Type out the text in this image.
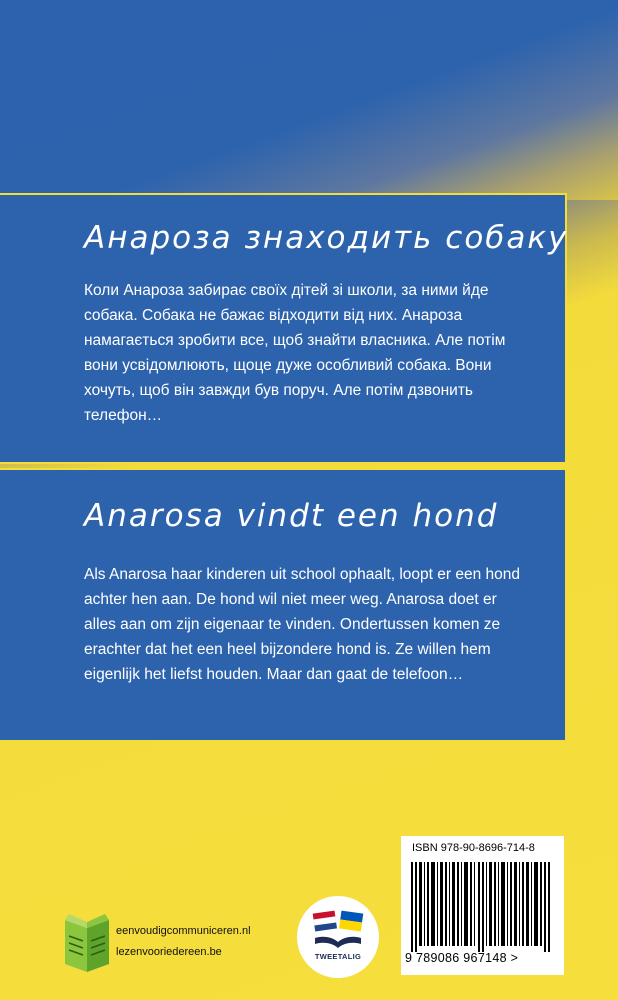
Анароза знаходить собаку

Коли Анароза забирає своїх дітей зі школи, за ними йде собака. Собака не бажає відходити від них. Анароза намагається зробити все, щоб знайти власника. Але потім вони усвідомлюють, щоце дуже особливий собака. Вони хочуть, щоб він завжди був поруч. Але потім дзвонить телефон…

Anarosa vindt een hond

Als Anarosa haar kinderen uit school ophaalt, loopt er een hond achter hen aan. De hond wil niet meer weg. Anarosa doet er alles aan om zijn eigenaar te vinden. Ondertussen komen ze erachter dat het een heel bijzondere hond is. Ze willen hem eigenlijk het liefst houden. Maar dan gaat de telefoon…

ISBN 978-90-8696-714-8
9 789086 967148 >
eenvoudigcommuniceren.nl
lezenvooriedereen.be	TWEETALIG
